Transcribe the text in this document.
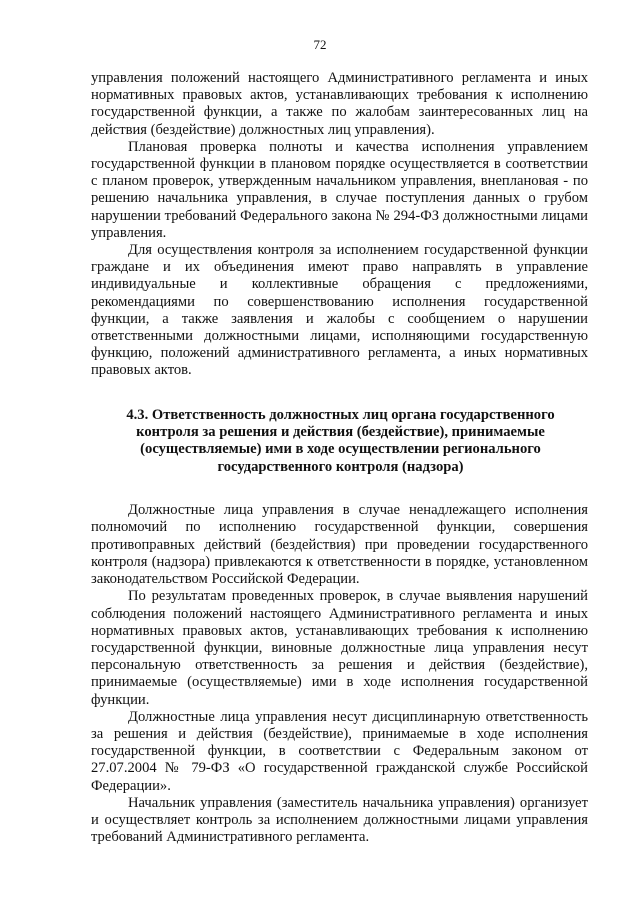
72

управления положений настоящего Административного регламента и иных нормативных правовых актов, устанавливающих требования к исполнению государственной функции, а также по жалобам заинтересованных лиц на действия (бездействие) должностных лиц управления).

Плановая проверка полноты и качества исполнения управлением государственной функции в плановом порядке осуществляется в соответствии с планом проверок, утвержденным начальником управления, внеплановая - по решению начальника управления, в случае поступления данных о грубом нарушении требований Федерального закона № 294-ФЗ должностными лицами управления.

Для осуществления контроля за исполнением государственной функции граждане и их объединения имеют право направлять в управление индивидуальные и коллективные обращения с предложениями, рекомендациями по совершенствованию исполнения государственной функции, а также заявления и жалобы с сообщением о нарушении ответственными должностными лицами, исполняющими государственную функцию, положений административного регламента, а иных нормативных правовых актов.

4.3. Ответственность должностных лиц органа государственного контроля за решения и действия (бездействие), принимаемые (осуществляемые) ими в ходе осуществлении регионального государственного контроля (надзора)

Должностные лица управления в случае ненадлежащего исполнения полномочий по исполнению государственной функции, совершения противоправных действий (бездействия) при проведении государственного контроля (надзора) привлекаются к ответственности в порядке, установленном законодательством Российской Федерации.

По результатам проведенных проверок, в случае выявления нарушений соблюдения положений настоящего Административного регламента и иных нормативных правовых актов, устанавливающих требования к исполнению государственной функции, виновные должностные лица управления несут персональную ответственность за решения и действия (бездействие), принимаемые (осуществляемые) ими в ходе исполнения государственной функции.

Должностные лица управления несут дисциплинарную ответственность за решения и действия (бездействие), принимаемые в ходе исполнения государственной функции, в соответствии с Федеральным законом от 27.07.2004 № 79-ФЗ «О государственной гражданской службе Российской Федерации».

Начальник управления (заместитель начальника управления) организует и осуществляет контроль за исполнением должностными лицами управления требований Административного регламента.
